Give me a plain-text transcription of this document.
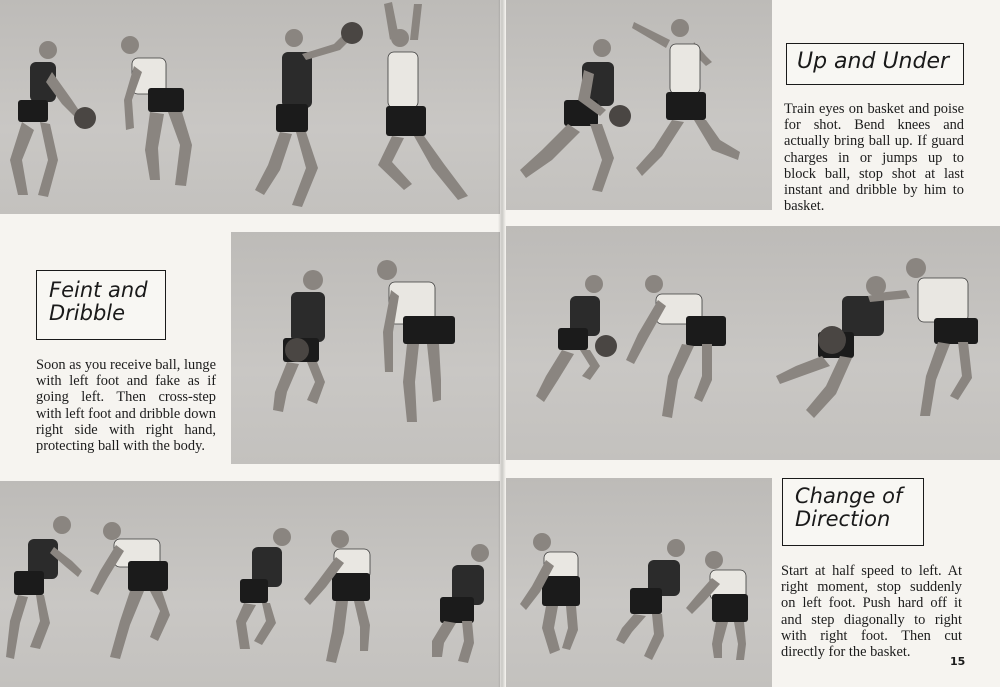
Up and Under
Train eyes on basket and poise for shot. Bend knees and actually bring ball up. If guard charges in or jumps up to block ball, stop shot at last instant and dribble by him to basket.
Feint and
Dribble
Soon as you receive ball, lunge with left foot and fake as if going left. Then cross-step with left foot and dribble down right side with right hand, protecting ball with the body.
Change of
Direction
Start at half speed to left. At right moment, stop suddenly on left foot. Push hard off it and step diagonally to right with right foot. Then cut directly for the basket.
15
